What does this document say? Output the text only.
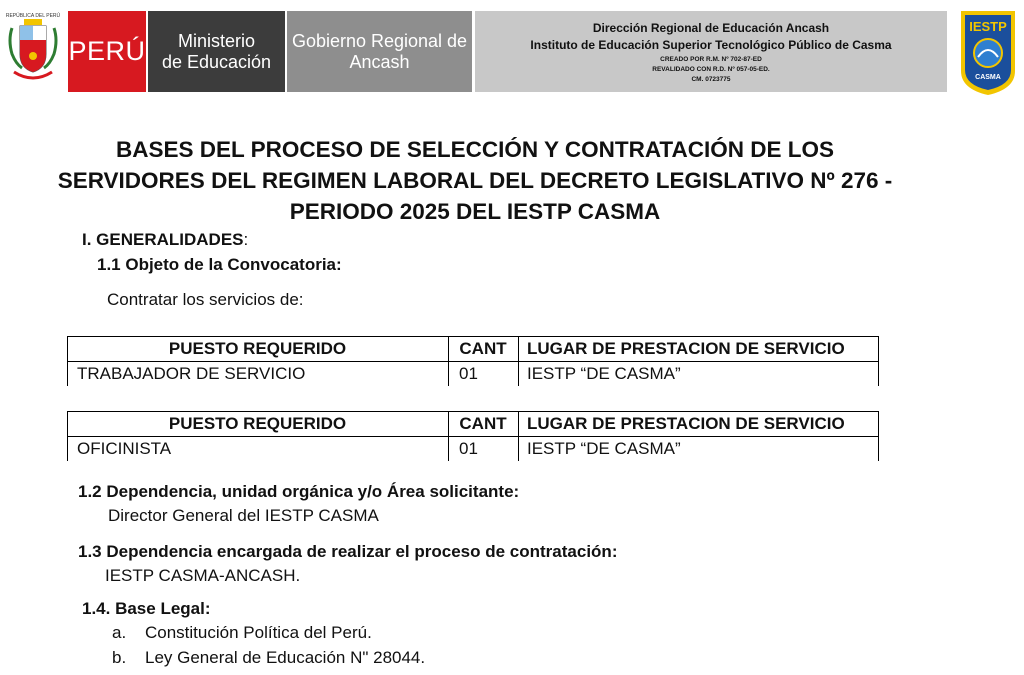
REPÚBLICA DEL PERÚ
PERÚ Ministerio
de Educación
Gobierno Regional de
Ancash
Dirección Regional de Educación Ancash
Instituto de Educación Superior Tecnológico Público de Casma
CREADO POR R.M. Nº 702-87-ED
REVALIDADO CON R.D. Nº 057-05-ED.
CM. 0723775
IESTP
CASMA
BASES DEL PROCESO DE SELECCIÓN Y CONTRATACIÓN DE LOS
SERVIDORES DEL REGIMEN LABORAL DEL DECRETO LEGISLATIVO Nº 276 -
PERIODO 2025 DEL IESTP CASMA
I. GENERALIDADES:
1.1 Objeto de la Convocatoria:
Contratar los servicios de:
PUESTO REQUERIDO	CANT	LUGAR DE PRESTACION DE SERVICIO
TRABAJADOR DE SERVICIO	01	IESTP “DE CASMA”
PUESTO REQUERIDO	CANT	LUGAR DE PRESTACION DE SERVICIO
OFICINISTA	01	IESTP “DE CASMA”
1.2 Dependencia, unidad orgánica y/o Área solicitante:
Director General del IESTP CASMA
1.3 Dependencia encargada de realizar el proceso de contratación:
IESTP CASMA-ANCASH.
1.4. Base Legal:
a. Constitución Política del Perú.
b. Ley General de Educación N" 28044.
